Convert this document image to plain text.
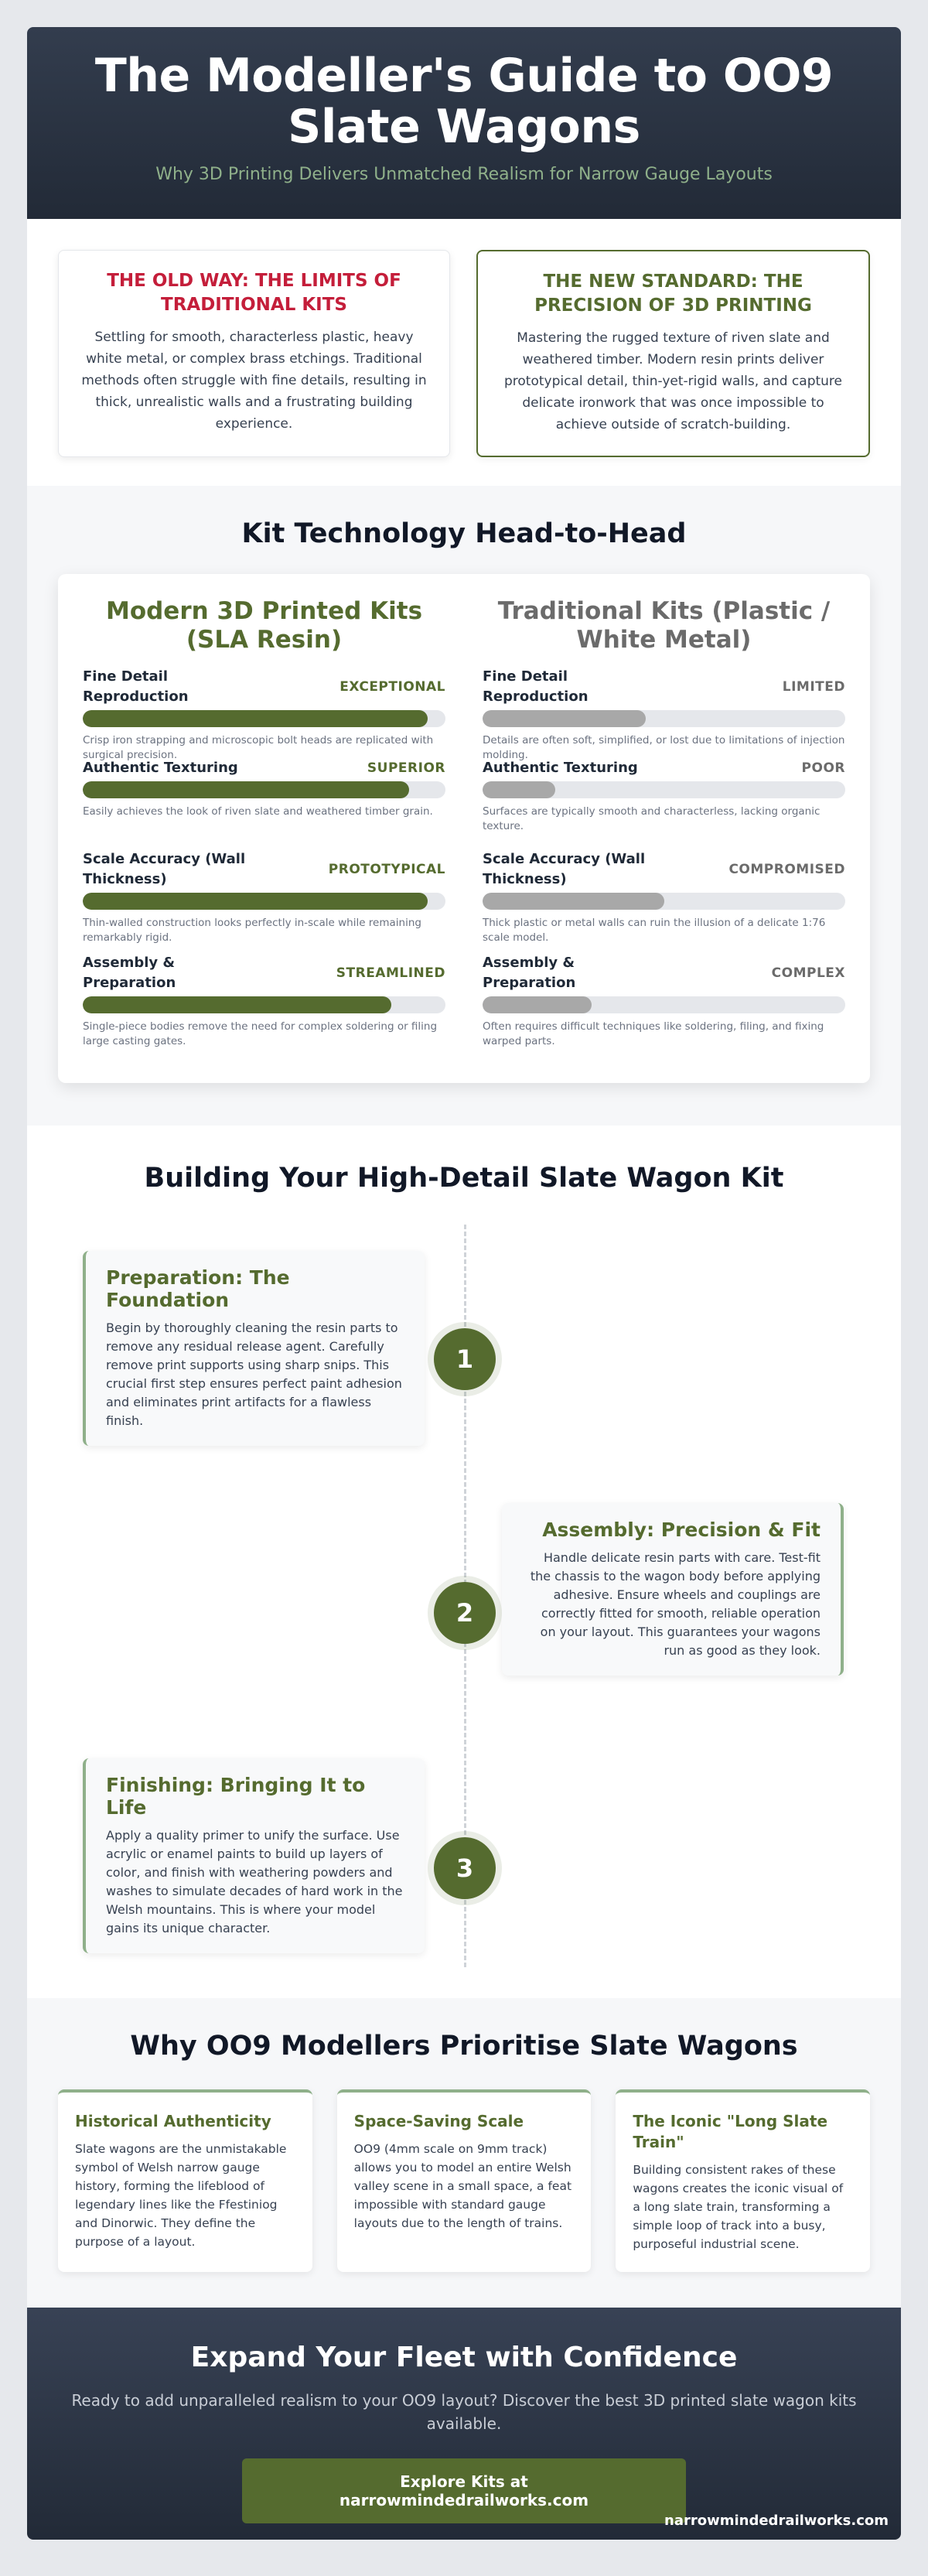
The Modeller's Guide to OO9 Slate Wagons

Why 3D Printing Delivers Unmatched Realism for Narrow Gauge Layouts

THE OLD WAY: THE LIMITS OF TRADITIONAL KITS

Settling for smooth, characterless plastic, heavy white metal, or complex brass etchings. Traditional methods often struggle with fine details, resulting in thick, unrealistic walls and a frustrating building experience.

THE NEW STANDARD: THE PRECISION OF 3D PRINTING

Mastering the rugged texture of riven slate and weathered timber. Modern resin prints deliver prototypical detail, thin-yet-rigid walls, and capture delicate ironwork that was once impossible to achieve outside of scratch-building.

Kit Technology Head-to-Head
Modern 3D Printed Kits (SLA Resin)
Fine Detail Reproduction
EXCEPTIONAL
Crisp iron strapping and microscopic bolt heads are replicated with surgical precision.
Authentic Texturing	SUPERIOR
Easily achieves the look of riven slate and weathered timber grain.
Scale Accuracy (Wall Thickness)
PROTOTYPICAL
Thin-walled construction looks perfectly in-scale while remaining remarkably rigid.
Assembly & Preparation
STREAMLINED
Single-piece bodies remove the need for complex soldering or filing large casting gates.
Traditional Kits (Plastic / White Metal)
Fine Detail Reproduction
LIMITED
Details are often soft, simplified, or lost due to limitations of injection molding.
Authentic Texturing	POOR
Surfaces are typically smooth and characterless, lacking organic texture.
Scale Accuracy (Wall Thickness)
COMPROMISED
Thick plastic or metal walls can ruin the illusion of a delicate 1:76 scale model.
Assembly & Preparation
COMPLEX
Often requires difficult techniques like soldering, filing, and fixing warped parts.
Building Your High-Detail Slate Wagon Kit
Preparation: The Foundation

Begin by thoroughly cleaning the resin parts to remove any residual release agent. Carefully remove print supports using sharp snips. This crucial first step ensures perfect paint adhesion and eliminates print artifacts for a flawless finish.

1
Assembly: Precision & Fit

Handle delicate resin parts with care. Test-fit the chassis to the wagon body before applying adhesive. Ensure wheels and couplings are correctly fitted for smooth, reliable operation on your layout. This guarantees your wagons run as good as they look.

2
Finishing: Bringing It to Life

Apply a quality primer to unify the surface. Use acrylic or enamel paints to build up layers of color, and finish with weathering powders and washes to simulate decades of hard work in the Welsh mountains. This is where your model gains its unique character.

3
Why OO9 Modellers Prioritise Slate Wagons
Historical Authenticity

Slate wagons are the unmistakable symbol of Welsh narrow gauge history, forming the lifeblood of legendary lines like the Ffestiniog and Dinorwic. They define the purpose of a layout.

Space-Saving Scale

OO9 (4mm scale on 9mm track) allows you to model an entire Welsh valley scene in a small space, a feat impossible with standard gauge layouts due to the length of trains.

The Iconic "Long Slate Train"

Building consistent rakes of these wagons creates the iconic visual of a long slate train, transforming a simple loop of track into a busy, purposeful industrial scene.

Expand Your Fleet with Confidence

Ready to add unparalleled realism to your OO9 layout? Discover the best 3D printed slate wagon kits available.

Explore Kits at narrowmindedrailworks.com
narrowmindedrailworks.com
